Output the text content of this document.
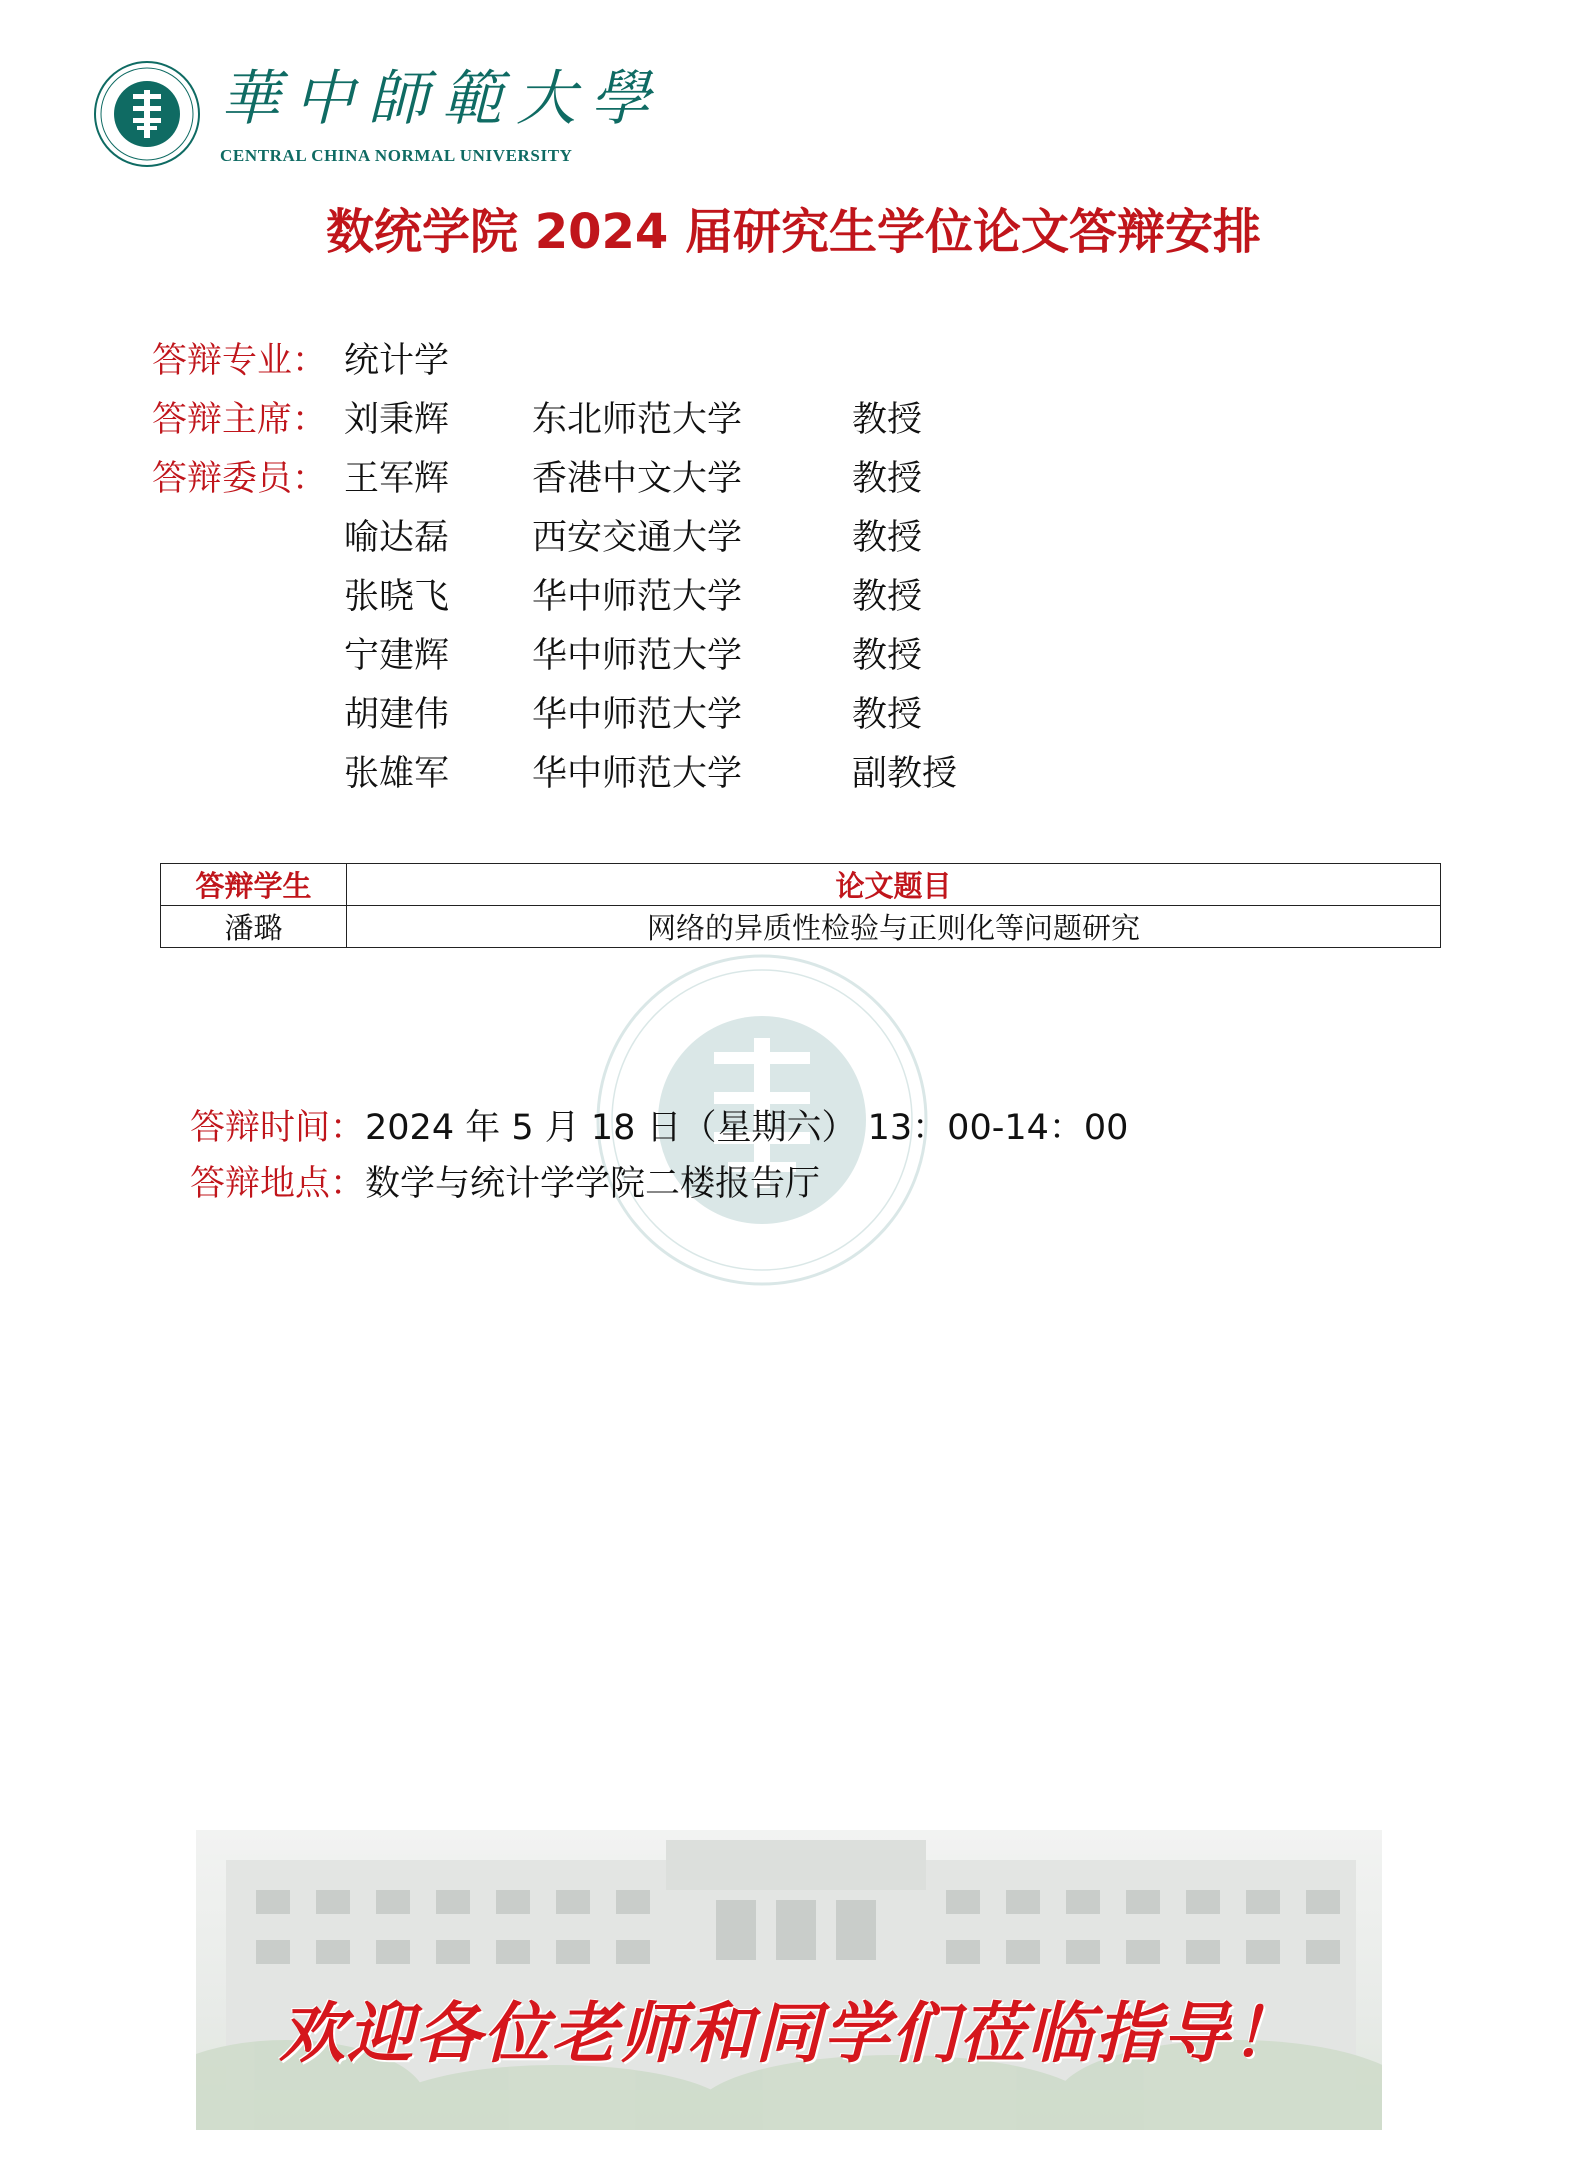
華中師範大學
CENTRAL CHINA NORMAL UNIVERSITY
数统学院 2024 届研究生学位论文答辩安排
答辩专业： 统计学
答辩主席： 刘秉辉 东北师范大学	教授
答辩委员： 王军辉 香港中文大学	教授
喻达磊 西安交通大学	教授
张晓飞 华中师范大学	教授
宁建辉 华中师范大学	教授
胡建伟 华中师范大学	教授
张雄军 华中师范大学	副教授
答辩学生	论文题目
潘璐	网络的异质性检验与正则化等问题研究
答辩时间：2024 年 5 月 18 日（星期六） 13：00-14：00
答辩地点：数学与统计学学院二楼报告厅
欢迎各位老师和同学们莅临指导！
